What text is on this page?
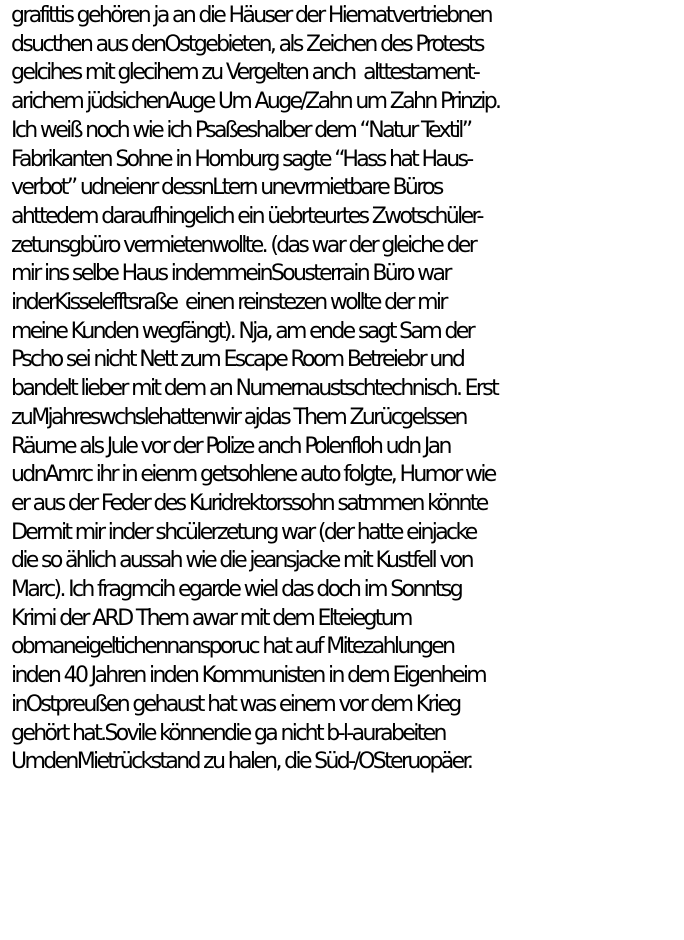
grafittis gehören ja an die Häuser der Hiematvertriebnen
dsucthen aus denOstgebieten, als Zeichen des Protests
gelcihes mit glecihem zu Vergelten anch  alttestament-
arichem jüdsichenAuge Um Auge/Zahn um Zahn Prinzip.
Ich weiß noch wie ich Psaßeshalber dem “Natur Textil”
Fabrikanten Sohne in Homburg sagte “Hass hat Haus-
verbot” udneienr dessnLtern unevrmietbare Büros
ahttedem daraufhingelich ein üebrteurtes Zwotschüler-
zetunsgbüro vermietenwollte. (das war der gleiche der
mir ins selbe Haus indemmeinSousterrain Büro war
inderKisselefftsraße  einen reinstezen wollte der mir
meine Kunden wegfängt). Nja, am ende sagt Sam der
Pscho sei nicht Nett zum Escape Room Betreiebr und
bandelt lieber mit dem an Numernaustschtechnisch. Erst
zuMjahreswchslehattenwir ajdas Them Zurücgelssen
Räume als Jule vor der Polize anch Polenfloh udn Jan
udnAmrc ihr in eienm getsohlene auto folgte, Humor wie
er aus der Feder des Kuridrektorssohn satmmen könnte
Dermit mir inder shcülerzetung war (der hatte einjacke
die so ählich aussah wie die jeansjacke mit Kustfell von
Marc). Ich fragmcih egarde wiel das doch im Sonntsg
Krimi der ARD Them awar mit dem Elteiegtum
obmaneigeltichennansporuc hat auf Mitezahlungen
inden 40 Jahren inden Kommunisten in dem Eigenheim
inOstpreußen gehaust hat was einem vor dem Krieg
gehört hat.Sovile könnendie ga nicht b-l-aurabeiten
UmdenMietrückstand zu halen, die Süd-/OSteruopäer.
